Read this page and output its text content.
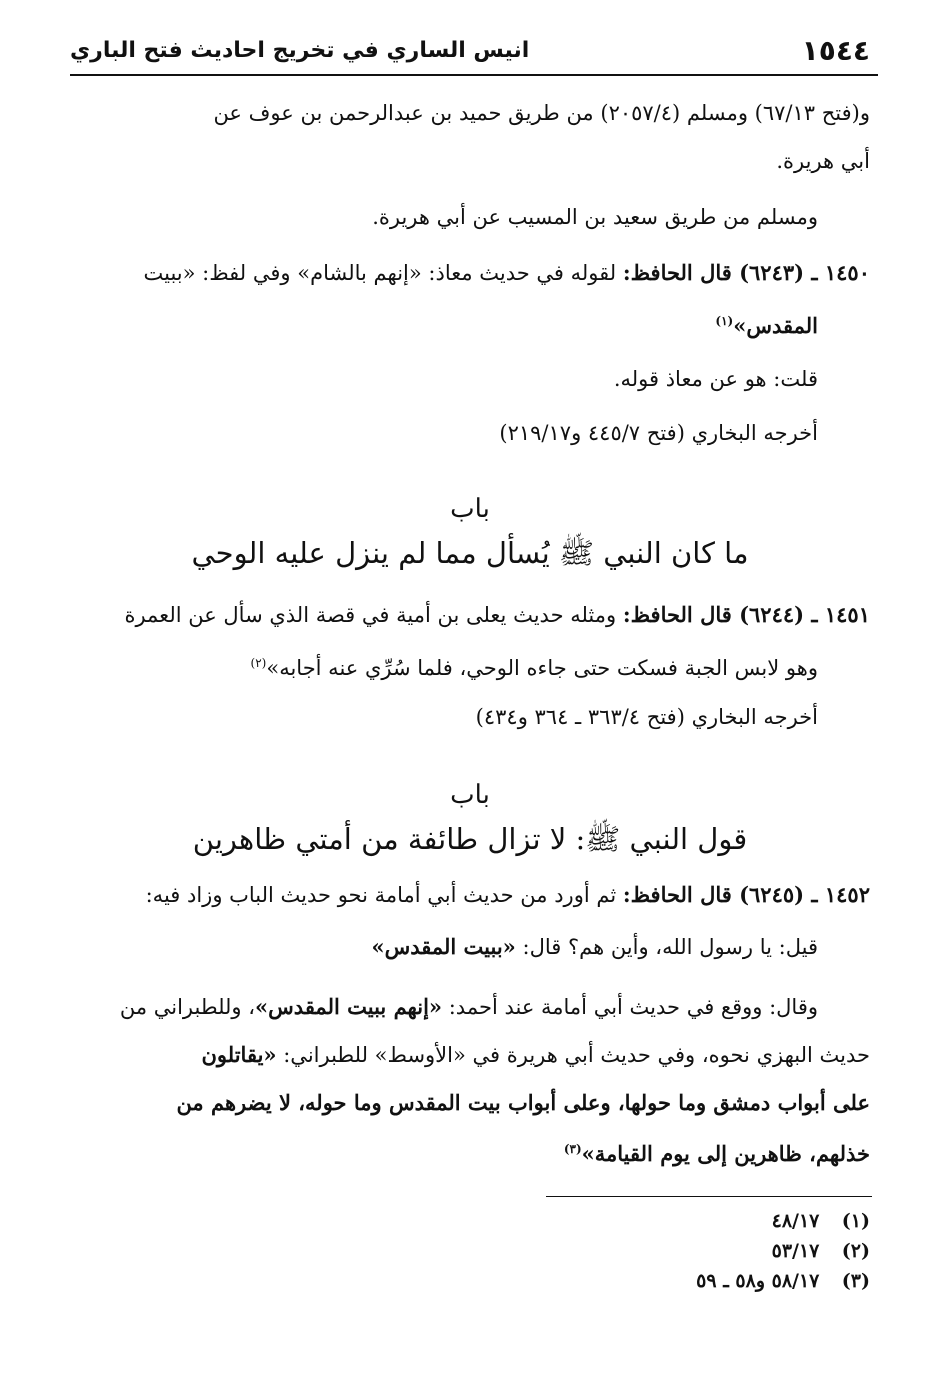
١٥٤٤
انيس الساري في تخريج احاديث فتح الباري
و(فتح ٦٧/١٣) ومسلم (٢٠٥٧/٤) من طريق حميد بن عبدالرحمن بن عوف عن
أبي هريرة.
ومسلم من طريق سعيد بن المسيب عن أبي هريرة.
١٤٥٠ ـ (٦٢٤٣) قال الحافظ: لقوله في حديث معاذ: «إنهم بالشام» وفي لفظ: «ببيت
المقدس»$^{(١)}$
قلت: هو عن معاذ قوله.
أخرجه البخاري (فتح ٤٤٥/٧ و٢١٩/١٧)
باب
ما كان النبي ﷺ يُسأل مما لم ينزل عليه الوحي
١٤٥١ ـ (٦٢٤٤) قال الحافظ: ومثله حديث يعلى بن أمية في قصة الذي سأل عن العمرة
وهو لابس الجبة فسكت حتى جاءه الوحي، فلما سُرِّي عنه أجابه»$^{(٢)}$
أخرجه البخاري (فتح ٣٦٣/٤ ـ ٣٦٤ و٤٣٤)
باب
قول النبي ﷺ: لا تزال طائفة من أمتي ظاهرين
١٤٥٢ ـ (٦٢٤٥) قال الحافظ: ثم أورد من حديث أبي أمامة نحو حديث الباب وزاد فيه:
قيل: يا رسول الله، وأين هم؟ قال: «ببيت المقدس»
وقال: ووقع في حديث أبي أمامة عند أحمد: «إنهم ببيت المقدس»، وللطبراني من
حديث البهزي نحوه، وفي حديث أبي هريرة في «الأوسط» للطبراني: «يقاتلون
على أبواب دمشق وما حولها، وعلى أبواب بيت المقدس وما حوله، لا يضرهم من
خذلهم، ظاهرين إلى يوم القيامة»$^{(٣)}$
(١) ٤٨/١٧
(٢) ٥٣/١٧
(٣) ٥٨/١٧ و٥٨ ـ ٥٩
